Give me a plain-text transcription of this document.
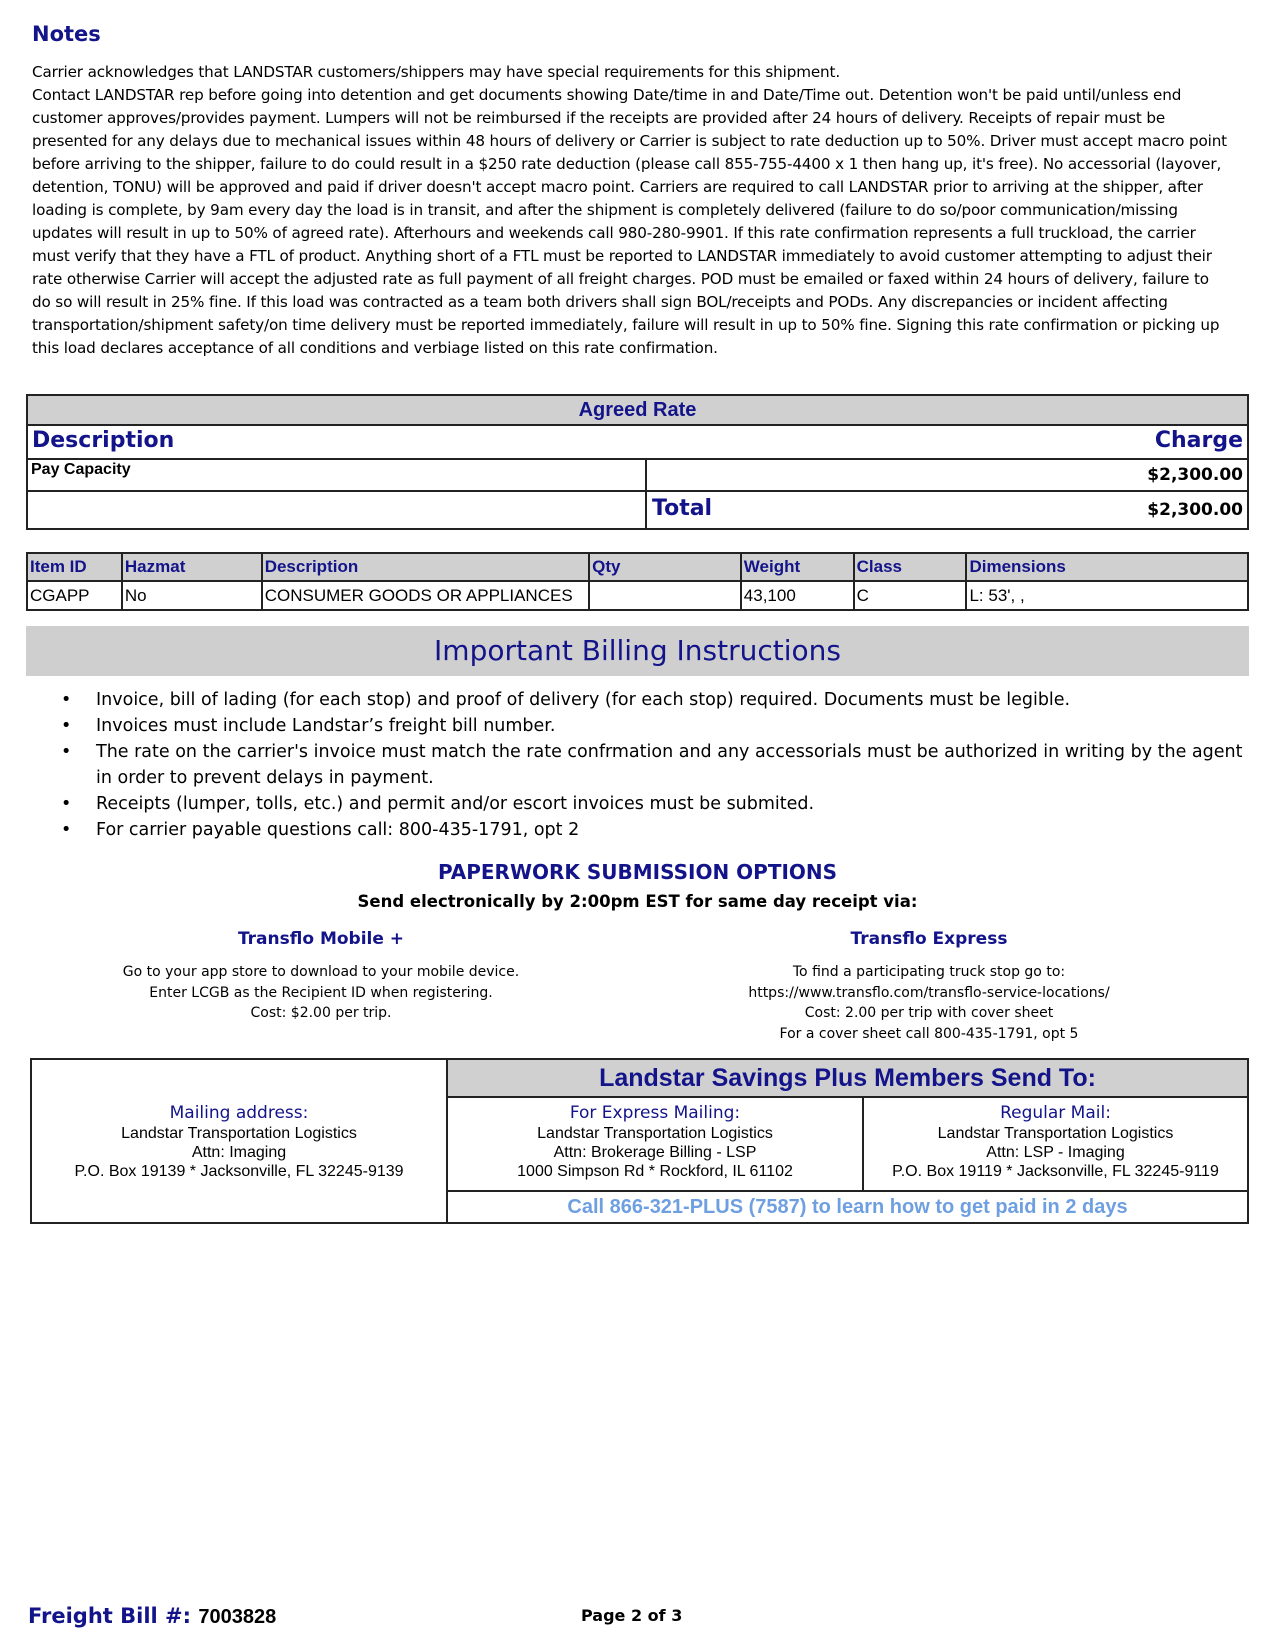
Notes

Carrier acknowledges that LANDSTAR customers/shippers may have special requirements for this shipment.

Contact LANDSTAR rep before going into detention and get documents showing Date/time in and Date/Time out. Detention won't be paid until/unless end customer approves/provides payment. Lumpers will not be reimbursed if the receipts are provided after 24 hours of delivery. Receipts of repair must be presented for any delays due to mechanical issues within 48 hours of delivery or Carrier is subject to rate deduction up to 50%. Driver must accept macro point before arriving to the shipper, failure to do could result in a $250 rate deduction (please call 855-755-4400 x 1 then hang up, it's free). No accessorial (layover, detention, TONU) will be approved and paid if driver doesn't accept macro point. Carriers are required to call LANDSTAR prior to arriving at the shipper, after loading is complete, by 9am every day the load is in transit, and after the shipment is completely delivered (failure to do so/poor communication/missing updates will result in up to 50% of agreed rate). Afterhours and weekends call 980-280-9901. If this rate confirmation represents a full truckload, the carrier must verify that they have a FTL of product. Anything short of a FTL must be reported to LANDSTAR immediately to avoid customer attempting to adjust their rate otherwise Carrier will accept the adjusted rate as full payment of all freight charges. POD must be emailed or faxed within 24 hours of delivery, failure to do so will result in 25% fine. If this load was contracted as a team both drivers shall sign BOL/receipts and PODs. Any discrepancies or incident affecting transportation/shipment safety/on time delivery must be reported immediately, failure will result in up to 50% fine. Signing this rate confirmation or picking up this load declares acceptance of all conditions and verbiage listed on this rate confirmation.

Agreed Rate
Description	Charge
Pay Capacity	$2,300.00
Total	$2,300.00
Item ID	Hazmat	Description	Qty	Weight	Class	Dimensions
CGAPP	No	CONSUMER GOODS OR APPLIANCES		43,100	C	L: 53', ,
Important Billing Instructions
• Invoice, bill of lading (for each stop) and proof of delivery (for each stop) required. Documents must be legible.
• Invoices must include Landstar’s freight bill number.
• The rate on the carrier's invoice must match the rate confrmation and any accessorials must be authorized in writing by the agent in order to prevent delays in payment.
• Receipts (lumper, tolls, etc.) and permit and/or escort invoices must be submited.
• For carrier payable questions call: 800-435-1791, opt 2
PAPERWORK SUBMISSION OPTIONS
Send electronically by 2:00pm EST for same day receipt via:
Transflo Mobile +
Go to your app store to download to your mobile device.
Enter LCGB as the Recipient ID when registering.
Cost: $2.00 per trip.
Transflo Express
To find a participating truck stop go to:
https://www.transflo.com/transflo-service-locations/
Cost: 2.00 per trip with cover sheet
For a cover sheet call 800-435-1791, opt 5
Mailing address:
Landstar Transportation Logistics
Attn: Imaging
P.O. Box 19139 * Jacksonville, FL 32245-9139
Landstar Savings Plus Members Send To:
For Express Mailing:
Landstar Transportation Logistics
Attn: Brokerage Billing - LSP
1000 Simpson Rd * Rockford, IL 61102
Regular Mail:
Landstar Transportation Logistics
Attn: LSP - Imaging
P.O. Box 19119 * Jacksonville, FL 32245-9119
Call 866-321-PLUS (7587) to learn how to get paid in 2 days
Freight Bill #: 7003828	Page 2 of 3
